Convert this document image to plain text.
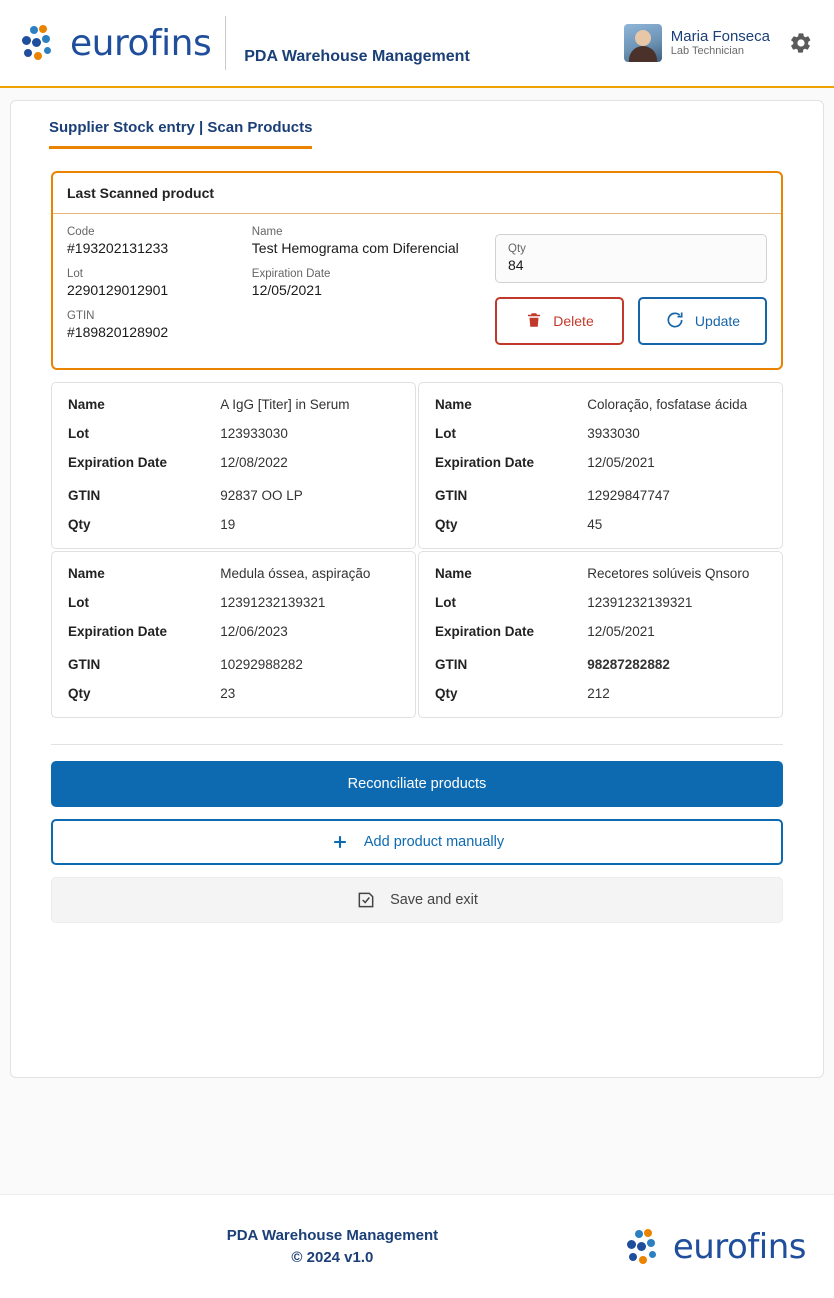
eurofins PDA Warehouse Management
Maria Fonseca
Lab Technician
Supplier Stock entry | Scan Products
Last Scanned product
Code
#193202131233
Name
Test Hemograma com Diferencial
Lot
2290129012901
Expiration Date
12/05/2021
GTIN
#189820128902
Qty
84
Delete	Update
Name	A IgG [Titer] in Serum
Lot	123933030
Expiration Date	12/08/2022
GTIN	92837 OO LP
Qty	19
Name	Coloração, fosfatase ácida
Lot	3933030
Expiration Date	12/05/2021
GTIN	12929847747
Qty	45
Name	Medula óssea, aspiração
Lot	12391232139321
Expiration Date	12/06/2023
GTIN	10292988282
Qty	23
Name	Recetores solúveis Qnsoro
Lot	12391232139321
Expiration Date	12/05/2021
GTIN	98287282882
Qty	212
Reconciliate products
Add product manually
Save and exit
PDA Warehouse Management
© 2024 v1.0	eurofins
